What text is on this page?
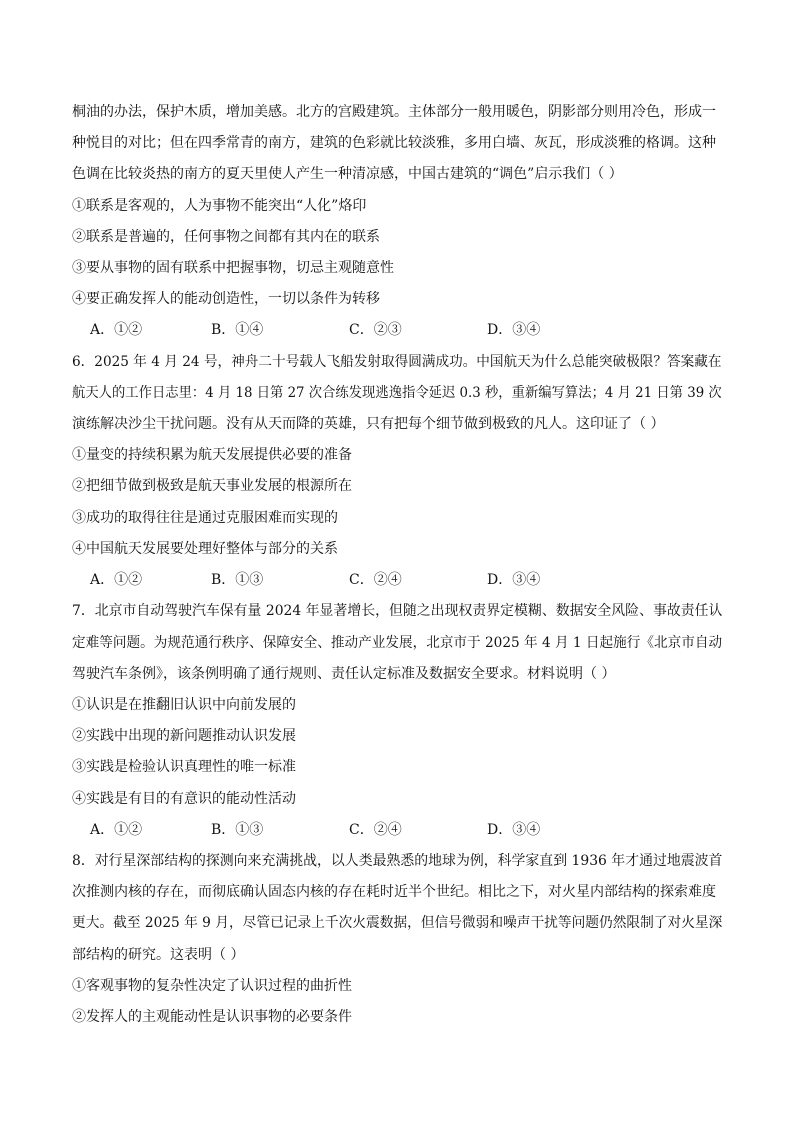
桐油的办法，保护木质，增加美感。北方的宫殿建筑。主体部分一般用暖色，阴影部分则用冷色，形成一
种悦目的对比；但在四季常青的南方，建筑的色彩就比较淡雅，多用白墙、灰瓦，形成淡雅的格调。这种
色调在比较炎热的南方的夏天里使人产生一种清凉感，中国古建筑的“调色”启示我们（ ）
①联系是客观的，人为事物不能突出“人化”烙印
②联系是普遍的，任何事物之间都有其内在的联系
③要从事物的固有联系中把握事物，切忌主观随意性
④要正确发挥人的能动创造性，一切以条件为转移
A．①②	B．①④	C．②③	D．③④
6．2025 年 4 月 24 号，神舟二十号载人飞船发射取得圆满成功。中国航天为什么总能突破极限？答案藏在
航天人的工作日志里：4 月 18 日第 27 次合练发现逃逸指令延迟 0.3 秒，重新编写算法；4 月 21 日第 39 次
演练解决沙尘干扰问题。没有从天而降的英雄，只有把每个细节做到极致的凡人。这印证了（ ）
①量变的持续积累为航天发展提供必要的准备
②把细节做到极致是航天事业发展的根源所在
③成功的取得往往是通过克服困难而实现的
④中国航天发展要处理好整体与部分的关系
A．①②	B．①③	C．②④	D．③④
7．北京市自动驾驶汽车保有量 2024 年显著增长，但随之出现权责界定模糊、数据安全风险、事故责任认
定难等问题。为规范通行秩序、保障安全、推动产业发展，北京市于 2025 年 4 月 1 日起施行《北京市自动
驾驶汽车条例》，该条例明确了通行规则、责任认定标准及数据安全要求。材料说明（ ）
①认识是在推翻旧认识中向前发展的
②实践中出现的新问题推动认识发展
③实践是检验认识真理性的唯一标准
④实践是有目的有意识的能动性活动
A．①②	B．①③	C．②④	D．③④
8．对行星深部结构的探测向来充满挑战，以人类最熟悉的地球为例，科学家直到 1936 年才通过地震波首
次推测内核的存在，而彻底确认固态内核的存在耗时近半个世纪。相比之下，对火星内部结构的探索难度
更大。截至 2025 年 9 月，尽管已记录上千次火震数据，但信号微弱和噪声干扰等问题仍然限制了对火星深
部结构的研究。这表明（ ）
①客观事物的复杂性决定了认识过程的曲折性
②发挥人的主观能动性是认识事物的必要条件
